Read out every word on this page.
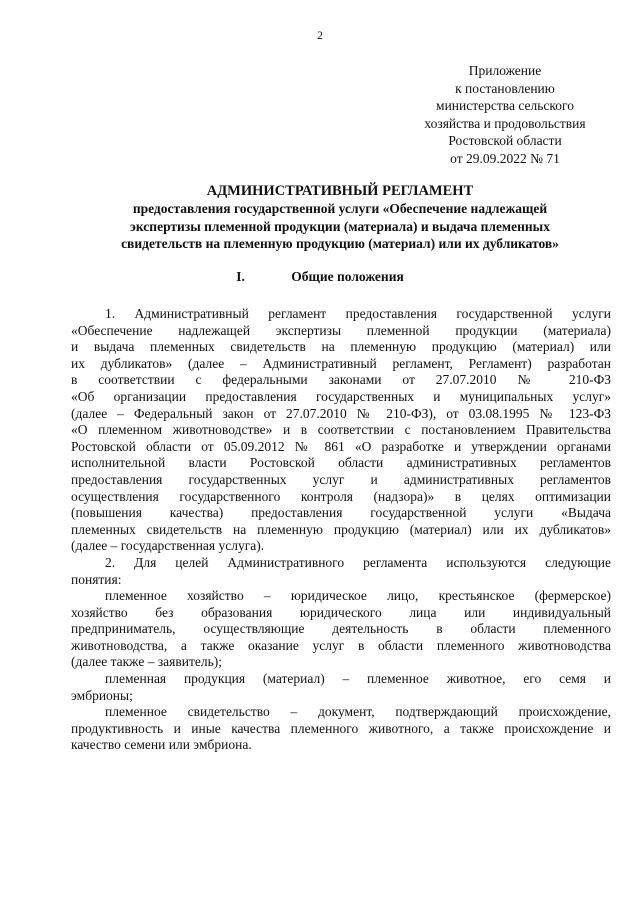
2
Приложение
к постановлению
министерства сельского
хозяйства и продовольствия
Ростовской области
от 29.09.2022 № 71
АДМИНИСТРАТИВНЫЙ РЕГЛАМЕНТ
предоставления государственной услуги «Обеспечение надлежащей
экспертизы племенной продукции (материала) и выдача племенных
свидетельств на племенную продукцию (материал) или их дубликатов»
I.	Общие положения
1. Административный регламент предоставления государственной услуги
«Обеспечение надлежащей экспертизы племенной продукции (материала)
и выдача племенных свидетельств на племенную продукцию (материал) или
их дубликатов» (далее – Административный регламент, Регламент) разработан
в соответствии с федеральными законами от 27.07.2010 № 210-ФЗ
«Об организации предоставления государственных и муниципальных услуг»
(далее – Федеральный закон от 27.07.2010 № 210-ФЗ), от 03.08.1995 № 123-ФЗ
«О племенном животноводстве» и в соответствии с постановлением Правительства
Ростовской области от 05.09.2012 № 861 «О разработке и утверждении органами
исполнительной власти Ростовской области административных регламентов
предоставления государственных услуг и административных регламентов
осуществления государственного контроля (надзора)» в целях оптимизации
(повышения качества) предоставления государственной услуги «Выдача
племенных свидетельств на племенную продукцию (материал) или их дубликатов»
(далее – государственная услуга).
2. Для целей Административного регламента используются следующие
понятия:
племенное хозяйство – юридическое лицо, крестьянское (фермерское)
хозяйство без образования юридического лица или индивидуальный
предприниматель, осуществляющие деятельность в области племенного
животноводства, а также оказание услуг в области племенного животноводства
(далее также – заявитель);
племенная продукция (материал) – племенное животное, его семя и
эмбрионы;
племенное свидетельство – документ, подтверждающий происхождение,
продуктивность и иные качества племенного животного, а также происхождение и
качество семени или эмбриона.
